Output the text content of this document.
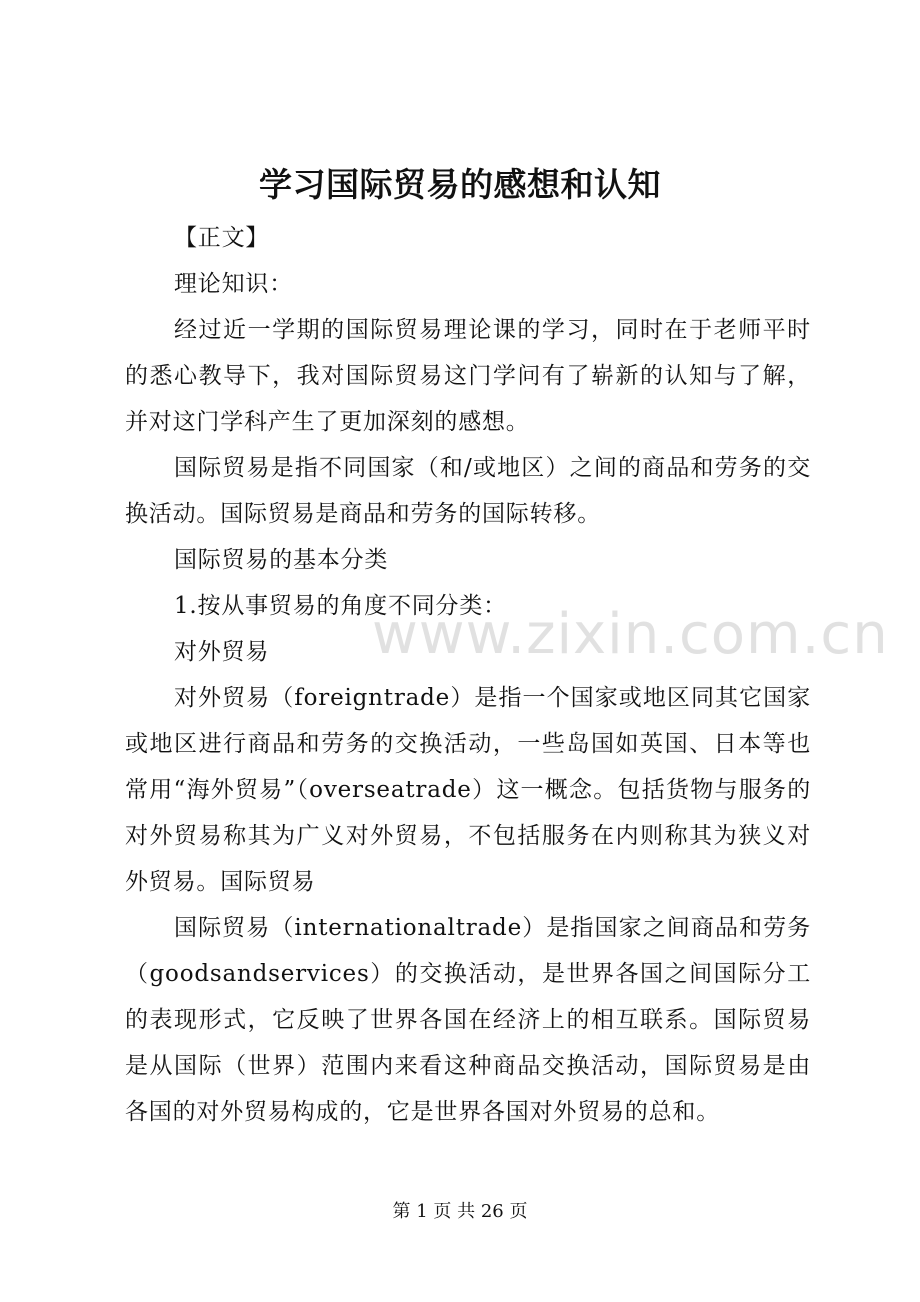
学习国际贸易的感想和认知

【正文】

理论知识：

经过近一学期的国际贸易理论课的学习，同时在于老师平时的悉心教导下，我对国际贸易这门学问有了崭新的认知与了解，并对这门学科产生了更加深刻的感想。

国际贸易是指不同国家（和/或地区）之间的商品和劳务的交换活动。国际贸易是商品和劳务的国际转移。

国际贸易的基本分类

1.按从事贸易的角度不同分类：

对外贸易

对外贸易（foreigntrade）是指一个国家或地区同其它国家或地区进行商品和劳务的交换活动，一些岛国如英国、日本等也常用“海外贸易”（overseatrade）这一概念。包括货物与服务的对外贸易称其为广义对外贸易，不包括服务在内则称其为狭义对外贸易。国际贸易

国际贸易（internationaltrade）是指国家之间商品和劳务（goodsandservices）的交换活动，是世界各国之间国际分工的表现形式，它反映了世界各国在经济上的相互联系。国际贸易是从国际（世界）范围内来看这种商品交换活动，国际贸易是由各国的对外贸易构成的，它是世界各国对外贸易的总和。

www.zixin.com.cn
第 1 页 共 26 页
